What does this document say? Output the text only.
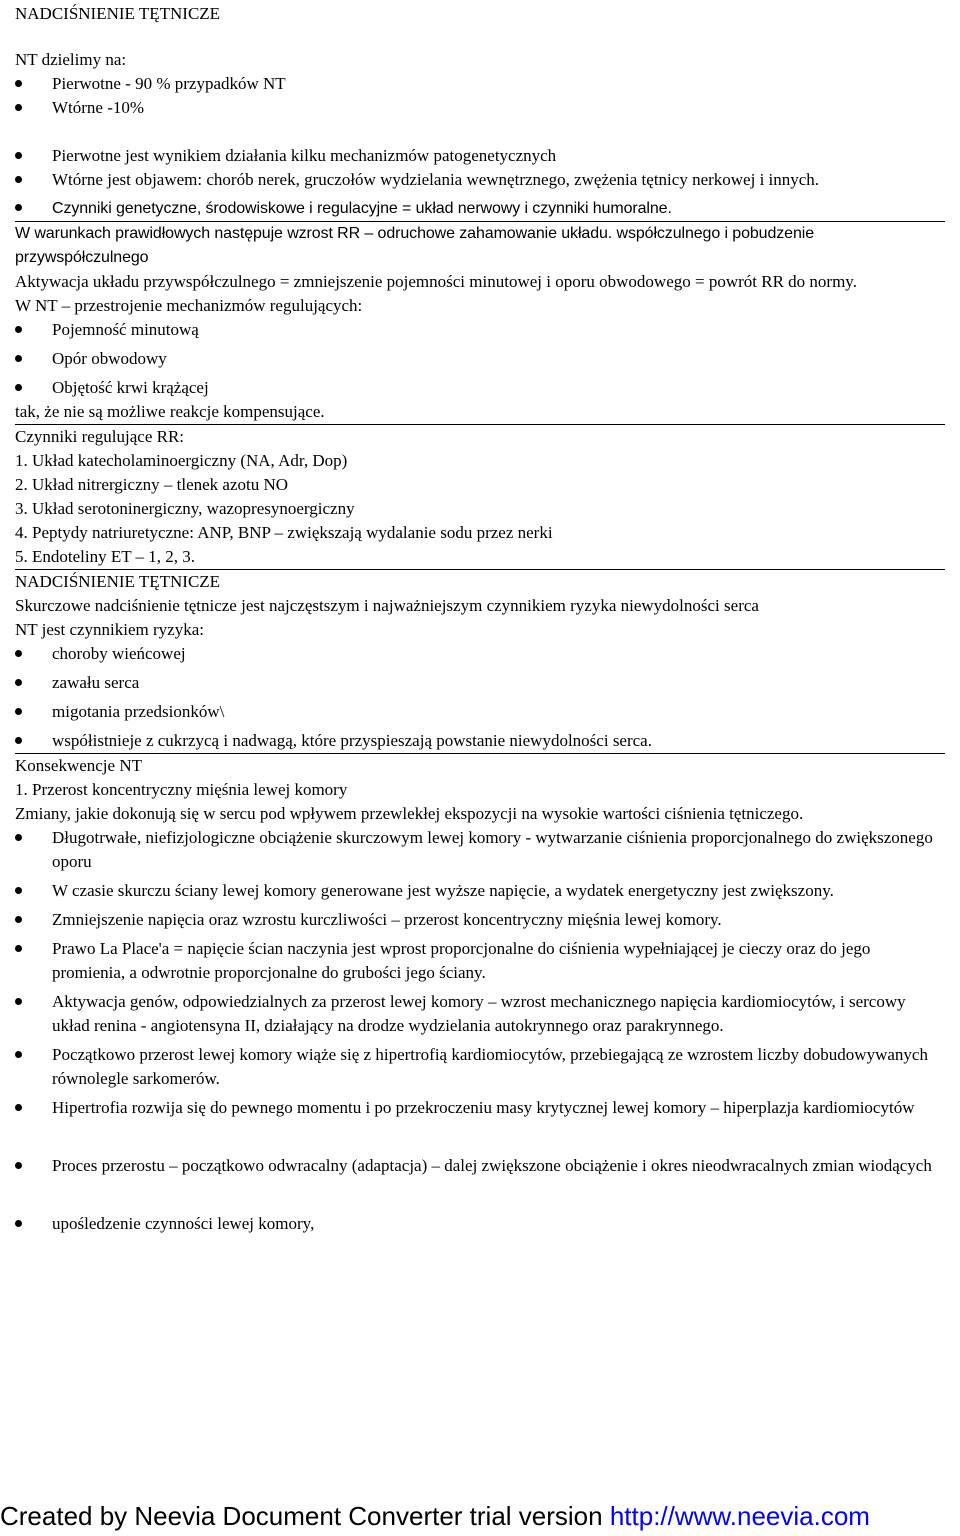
NADCIŚNIENIE TĘTNICZE

NT dzielimy na:

Pierwotne - 90 % przypadków NT
Wtórne -10%
Pierwotne jest wynikiem działania kilku mechanizmów patogenetycznych
Wtórne jest objawem: chorób nerek, gruczołów wydzielania wewnętrznego, zwężenia tętnicy nerkowej i innych.
Czynniki genetyczne, środowiskowe i regulacyjne = układ nerwowy i czynniki humoralne.

W warunkach prawidłowych następuje wzrost RR – odruchowe zahamowanie układu. współczulnego i pobudzenie przywspółczulnego

Aktywacja układu przywspółczulnego = zmniejszenie pojemności minutowej i oporu obwodowego = powrót RR do normy.

W NT – przestrojenie mechanizmów regulujących:

Pojemność minutową
Opór obwodowy
Objętość krwi krążącej

tak, że nie są możliwe reakcje kompensujące.

Czynniki regulujące RR:

1. Układ katecholaminoergiczny (NA, Adr, Dop)

2. Układ nitrergiczny – tlenek azotu NO

3. Układ serotoninergiczny, wazopresynoergiczny

4. Peptydy natriuretyczne: ANP, BNP – zwiększają wydalanie sodu przez nerki

5. Endoteliny ET – 1, 2, 3.

NADCIŚNIENIE TĘTNICZE

Skurczowe nadciśnienie tętnicze jest najczęstszym i najważniejszym czynnikiem ryzyka niewydolności serca

NT jest czynnikiem ryzyka:

choroby wieńcowej
zawału serca
migotania przedsionków\
współistnieje z cukrzycą i nadwagą, które przyspieszają powstanie niewydolności serca.

Konsekwencje NT

1. Przerost koncentryczny mięśnia lewej komory

Zmiany, jakie dokonują się w sercu pod wpływem przewlekłej ekspozycji na wysokie wartości ciśnienia tętniczego.

Długotrwałe, niefizjologiczne obciążenie skurczowym lewej komory - wytwarzanie ciśnienia proporcjonalnego do zwiększonego oporu
W czasie skurczu ściany lewej komory generowane jest wyższe napięcie, a wydatek energetyczny jest zwiększony.
Zmniejszenie napięcia oraz wzrostu kurczliwości – przerost koncentryczny mięśnia lewej komory.
Prawo La Place'a = napięcie ścian naczynia jest wprost proporcjonalne do ciśnienia wypełniającej je cieczy oraz do jego promienia, a odwrotnie proporcjonalne do grubości jego ściany.
Aktywacja genów, odpowiedzialnych za przerost lewej komory – wzrost mechanicznego napięcia kardiomiocytów, i sercowy układ renina - angiotensyna II, działający na drodze wydzielania autokrynnego oraz parakrynnego.
Początkowo przerost lewej komory wiąże się z hipertrofią kardiomiocytów, przebiegającą ze wzrostem liczby dobudowywanych równolegle sarkomerów.
Hipertrofia rozwija się do pewnego momentu i po przekroczeniu masy krytycznej lewej komory – hiperplazja kardiomiocytów
Proces przerostu – początkowo odwracalny (adaptacja) – dalej zwiększone obciążenie i okres nieodwracalnych zmian wiodących
upośledzenie czynności lewej komory,
Created by Neevia Document Converter trial version http://www.neevia.com
